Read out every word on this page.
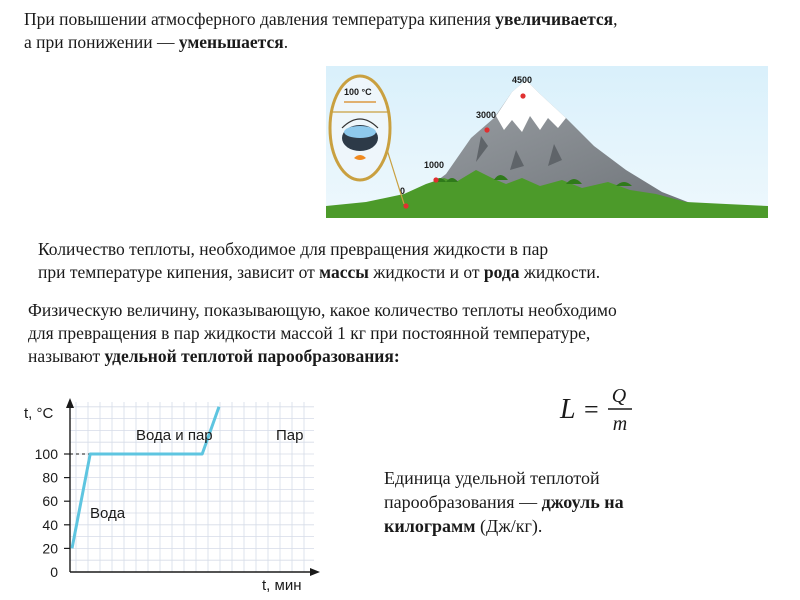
При повышении атмосферного давления температура кипения увеличивается,
а при понижении — уменьшается.

0
1000
3000
4500
100 °C

Количество теплоты, необходимое для превращения жидкости в пар
при температуре кипения, зависит от массы жидкости и от рода жидкости.

Физическую величину, показывающую, какое количество теплоты необходимо
для превращения в пар жидкости массой 1 кг при постоянной температуре,
называют удельной теплотой парообразования:

L = Q
m
0
20
40
60
80
100
t, °C
t, мин
Вода
Вода и пар	Пар

Единица удельной теплотой
парообразования — джоуль на
килограмм (Дж/кг).
